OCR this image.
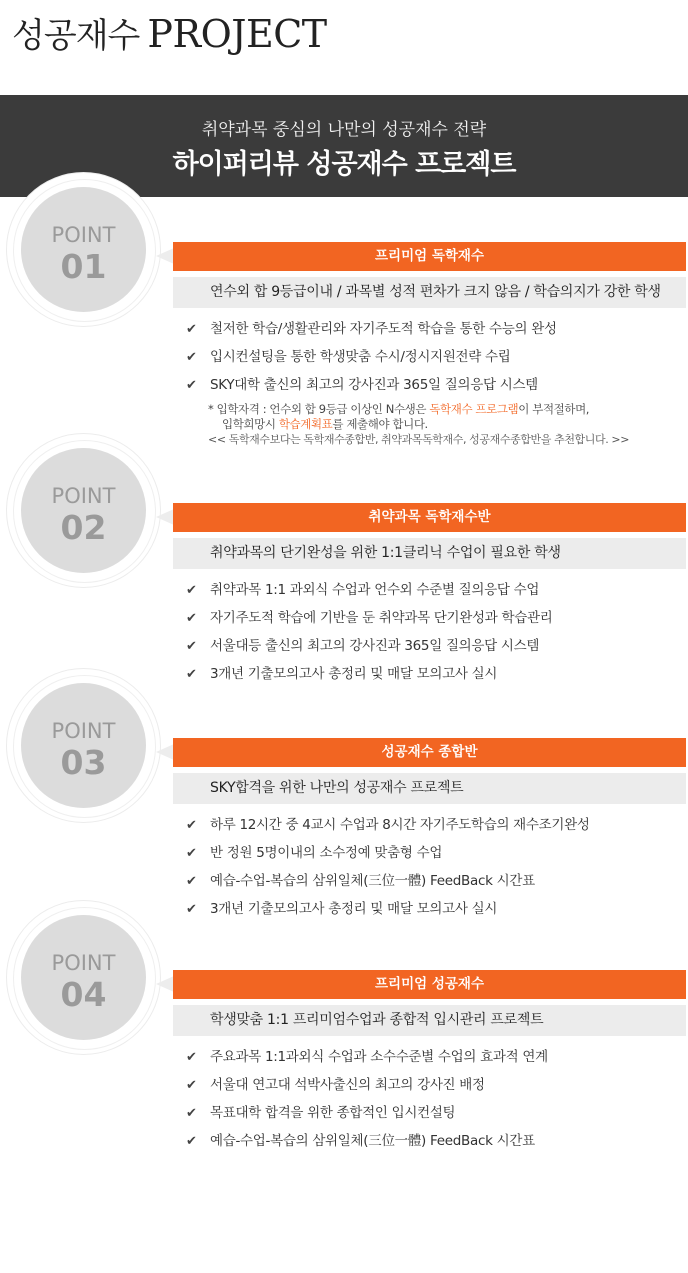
성공재수 PROJECT
취약과목 중심의 나만의 성공재수 전략
하이퍼리뷰 성공재수 프로젝트
POINT
01	프리미엄 독학재수
연수외 합 9등급이내 / 과목별 성적 편차가 크지 않음 / 학습의지가 강한 학생
✔ 철저한 학습/생활관리와 자기주도적 학습을 통한 수능의 완성
✔ 입시컨설팅을 통한 학생맞춤 수시/정시지원전략 수립
✔ SKY대학 출신의 최고의 강사진과 365일 질의응답 시스템
* 입학자격 : 언수외 합 9등급 이상인 N수생은 독학재수 프로그램이 부적절하며,
입학희망시 학습계획표를 제출해야 합니다.
<< 독학재수보다는 독학재수종합반, 취약과목독학재수, 성공재수종합반을 추천합니다. >>
POINT
02	취약과목 독학재수반
취약과목의 단기완성을 위한 1:1클리닉 수업이 필요한 학생
✔ 취약과목 1:1 과외식 수업과 언수외 수준별 질의응답 수업
✔ 자기주도적 학습에 기반을 둔 취약과목 단기완성과 학습관리
✔ 서울대등 출신의 최고의 강사진과 365일 질의응답 시스템
✔ 3개년 기출모의고사 총정리 및 매달 모의고사 실시
POINT
03	성공재수 종합반
SKY합격을 위한 나만의 성공재수 프로젝트
✔ 하루 12시간 중 4교시 수업과 8시간 자기주도학습의 재수조기완성
✔ 반 정원 5명이내의 소수정예 맞춤형 수업
✔ 예습-수업-복습의 삼위일체(三位一體) FeedBack 시간표
✔ 3개년 기출모의고사 총정리 및 매달 모의고사 실시
POINT
04	프리미엄 성공재수
학생맞춤 1:1 프리미엄수업과 종합적 입시관리 프로젝트
✔ 주요과목 1:1과외식 수업과 소수수준별 수업의 효과적 연계
✔ 서울대 연고대 석박사출신의 최고의 강사진 배정
✔ 목표대학 합격을 위한 종합적인 입시컨설팅
✔ 예습-수업-복습의 삼위일체(三位一體) FeedBack 시간표
